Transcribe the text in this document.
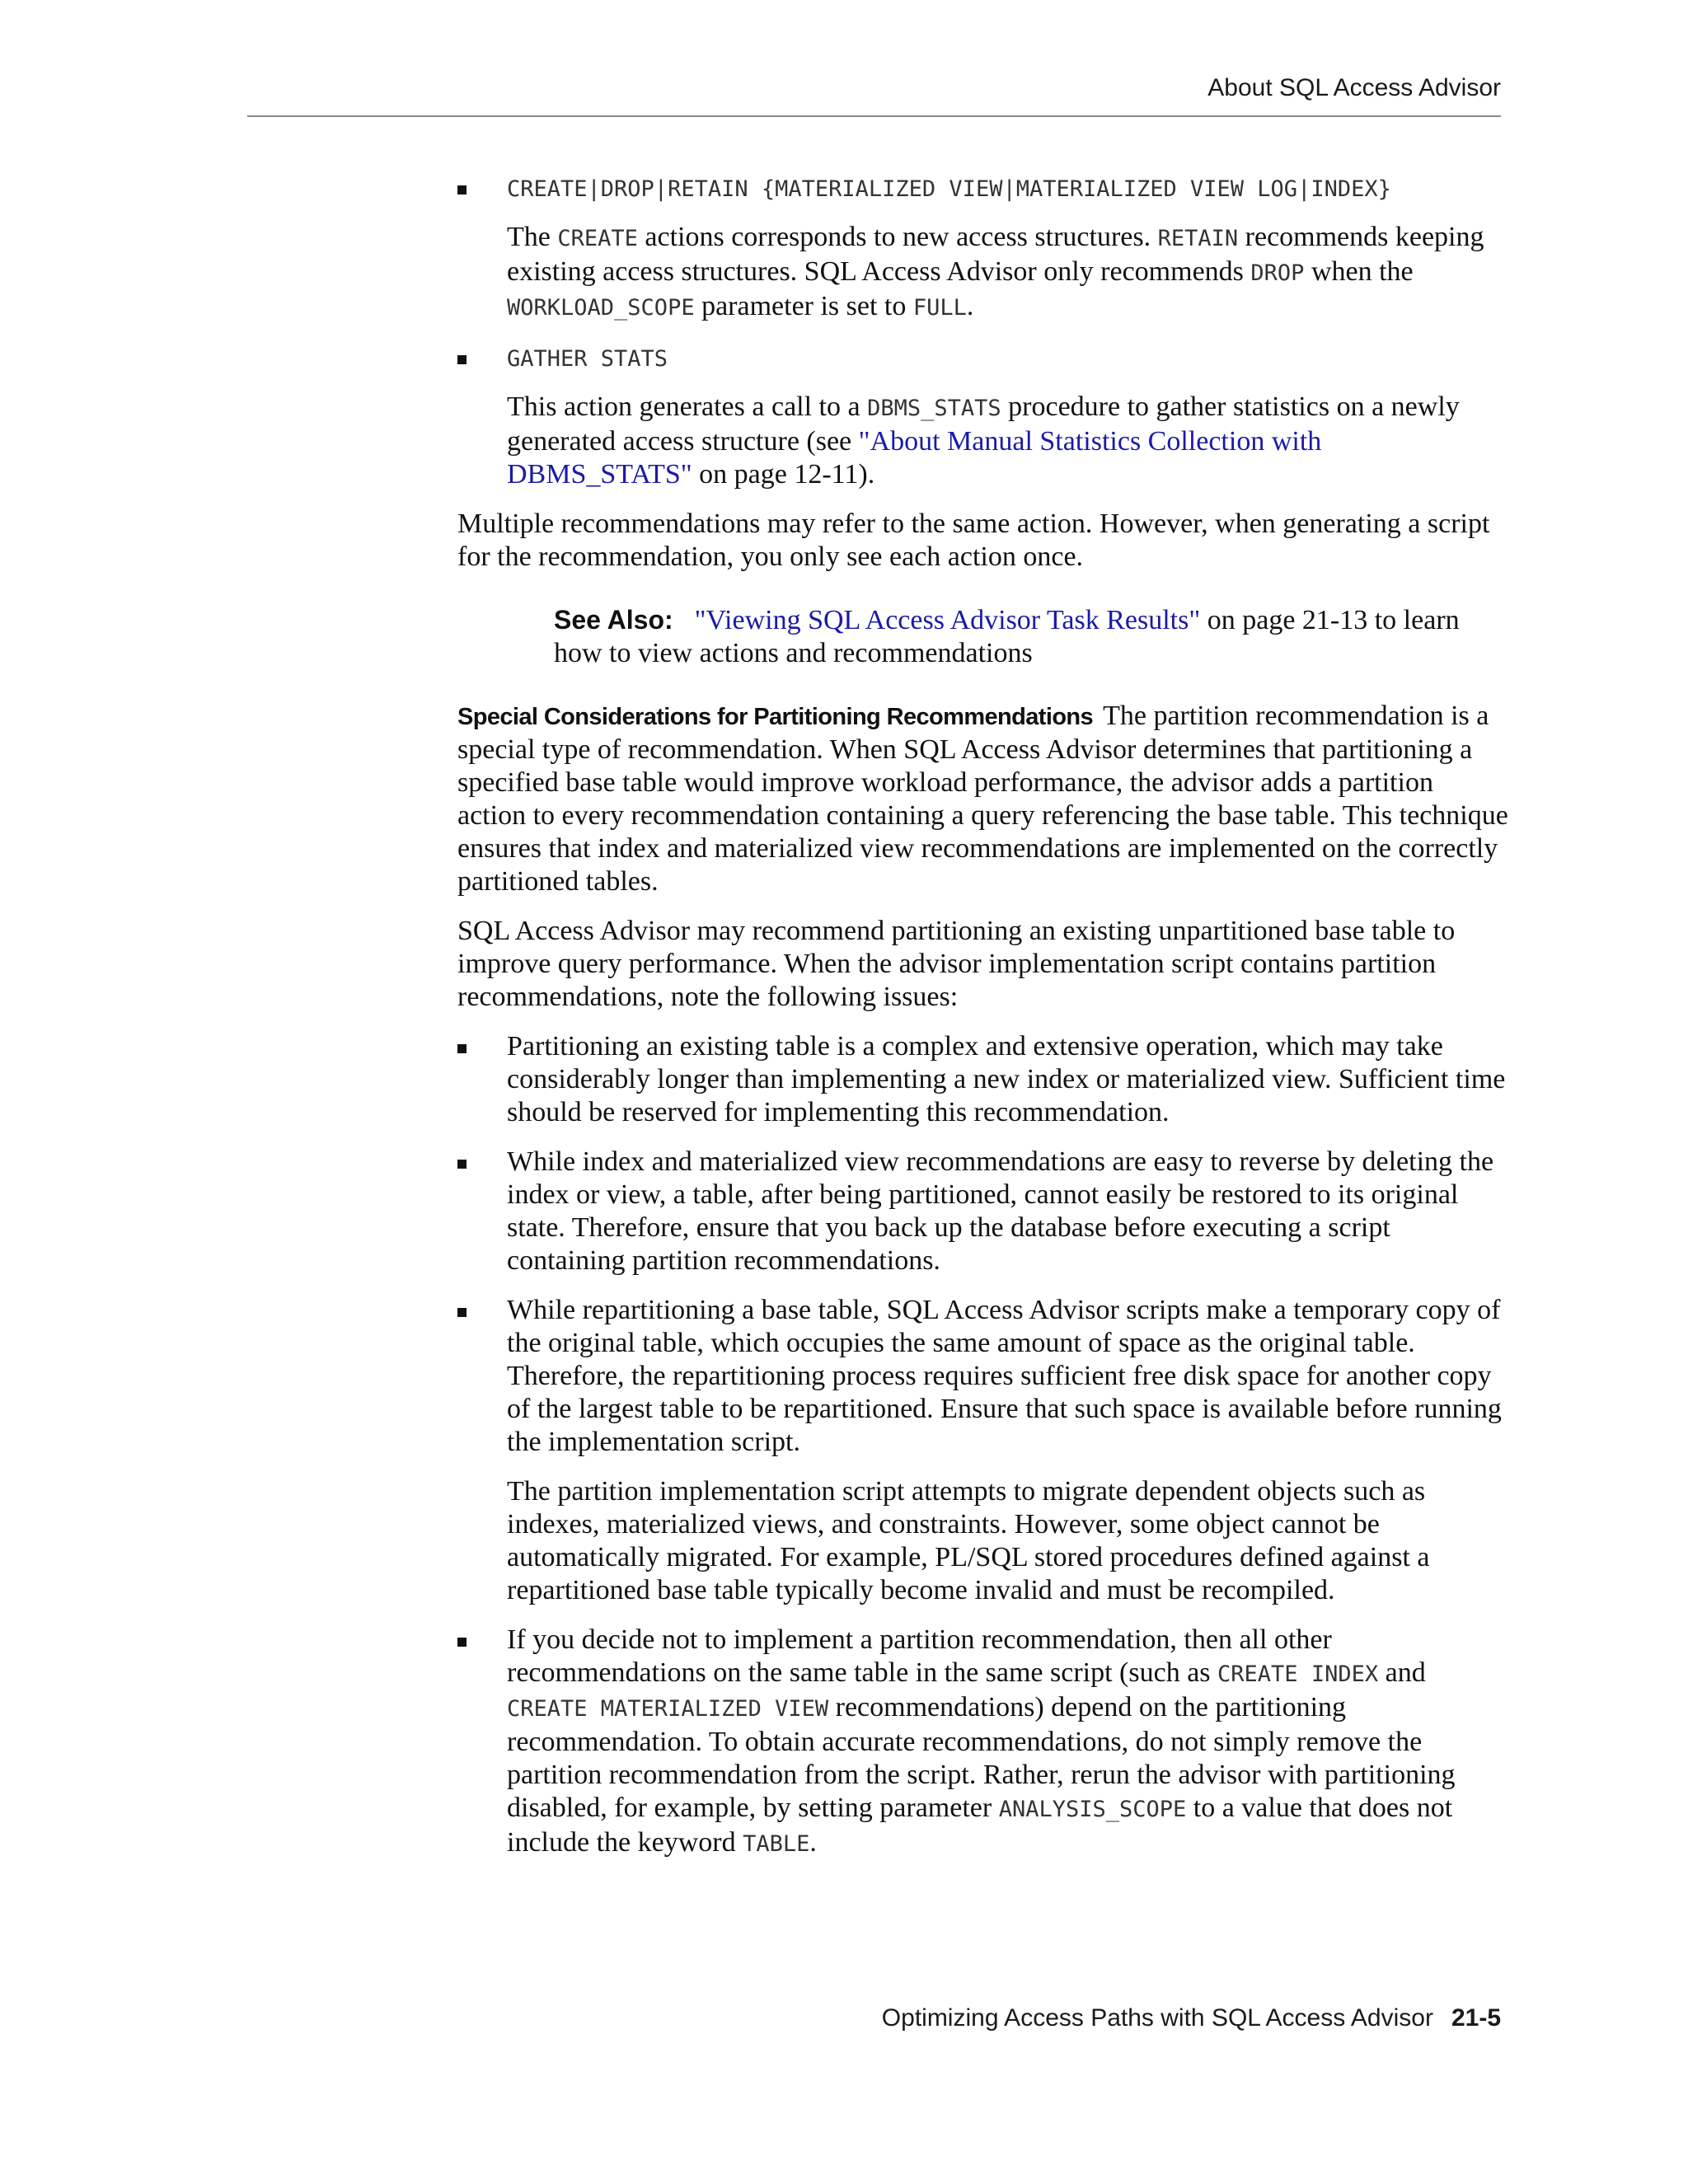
About SQL Access Advisor
CREATE|DROP|RETAIN {MATERIALIZED VIEW|MATERIALIZED VIEW LOG|INDEX}

The CREATE actions corresponds to new access structures. RETAIN recommends keeping existing access structures. SQL Access Advisor only recommends DROP when the WORKLOAD_SCOPE parameter is set to FULL.

GATHER STATS

This action generates a call to a DBMS_STATS procedure to gather statistics on a newly generated access structure (see "About Manual Statistics Collection with DBMS_STATS" on page 12-11).

Multiple recommendations may refer to the same action. However, when generating a script for the recommendation, you only see each action once.

See Also: "Viewing SQL Access Advisor Task Results" on page 21-13 to learn how to view actions and recommendations

Special Considerations for Partitioning Recommendations The partition recommendation is a special type of recommendation. When SQL Access Advisor determines that partitioning a specified base table would improve workload performance, the advisor adds a partition action to every recommendation containing a query referencing the base table. This technique ensures that index and materialized view recommendations are implemented on the correctly partitioned tables.

SQL Access Advisor may recommend partitioning an existing unpartitioned base table to improve query performance. When the advisor implementation script contains partition recommendations, note the following issues:

Partitioning an existing table is a complex and extensive operation, which may take considerably longer than implementing a new index or materialized view. Sufficient time should be reserved for implementing this recommendation.

While index and materialized view recommendations are easy to reverse by deleting the index or view, a table, after being partitioned, cannot easily be restored to its original state. Therefore, ensure that you back up the database before executing a script containing partition recommendations.

While repartitioning a base table, SQL Access Advisor scripts make a temporary copy of the original table, which occupies the same amount of space as the original table. Therefore, the repartitioning process requires sufficient free disk space for another copy of the largest table to be repartitioned. Ensure that such space is available before running the implementation script.

The partition implementation script attempts to migrate dependent objects such as indexes, materialized views, and constraints. However, some object cannot be automatically migrated. For example, PL/SQL stored procedures defined against a repartitioned base table typically become invalid and must be recompiled.

If you decide not to implement a partition recommendation, then all other recommendations on the same table in the same script (such as CREATE INDEX and CREATE MATERIALIZED VIEW recommendations) depend on the partitioning recommendation. To obtain accurate recommendations, do not simply remove the partition recommendation from the script. Rather, rerun the advisor with partitioning disabled, for example, by setting parameter ANALYSIS_SCOPE to a value that does not include the keyword TABLE.

Optimizing Access Paths with SQL Access Advisor 21-5
